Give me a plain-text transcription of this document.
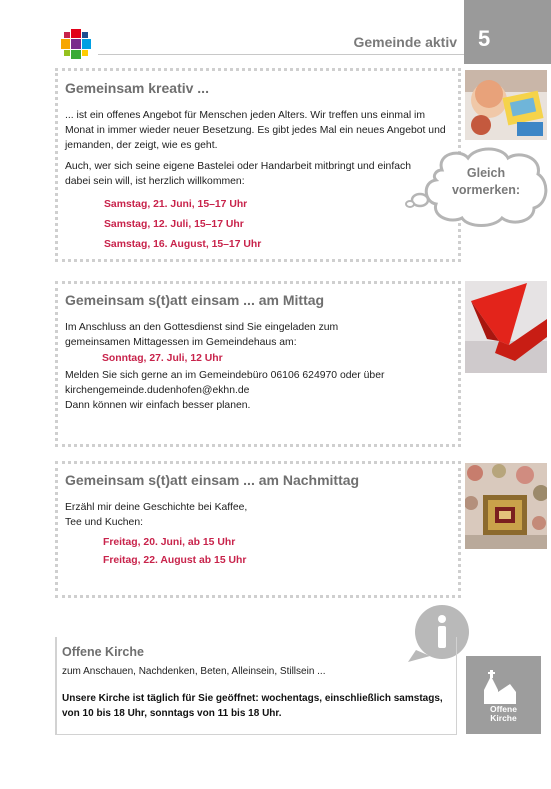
Gemeinde aktiv 5
Gemeinsam kreativ ...

... ist ein offenes Angebot für Menschen jeden Alters. Wir treffen uns einmal im Monat in immer wieder neuer Besetzung. Es gibt jedes Mal ein neues Angebot und jemanden, der zeigt, wie es geht.

Auch, wer sich seine eigene Bastelei oder Handarbeit mitbringt und einfach dabei sein will, ist herzlich willkommen:

Samstag, 21. Juni, 15–17 Uhr
Samstag, 12. Juli, 15–17 Uhr
Samstag, 16. August, 15–17 Uhr
Gleich
vormerken:
Gemeinsam s(t)att einsam ... am Mittag

Im Anschluss an den Gottesdienst sind Sie eingeladen zum gemeinsamen Mittagessen im Gemeindehaus am:

Sonntag, 27. Juli, 12 Uhr

Melden Sie sich gerne an im Gemeindebüro 06106 624970 oder über kirchengemeinde.dudenhofen@ekhn.de

Dann können wir einfach besser planen.

Gemeinsam s(t)att einsam ... am Nachmittag

Erzähl mir deine Geschichte bei Kaffee,

Tee und Kuchen:

Freitag, 20. Juni, ab 15 Uhr
Freitag, 22. August ab 15 Uhr
Offene Kirche

zum Anschauen, Nachdenken, Beten, Alleinsein, Stillsein ...

Unsere Kirche ist täglich für Sie geöffnet: wochentags, einschließlich samstags, von 10 bis 18 Uhr, sonntags von 11 bis 18 Uhr.	Offene
Kirche
